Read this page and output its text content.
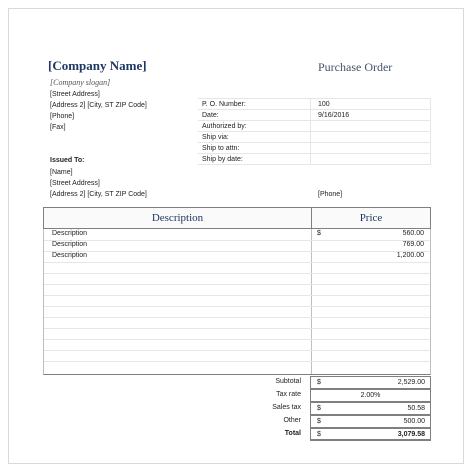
[Company Name]
[Company slogan]
Purchase Order
[Street Address]
[Address 2] [City, ST ZIP Code]
[Phone]
[Fax]
P. O. Number:	100
Date:	9/16/2016
Authorized by:
Ship via:
Ship to attn:
Ship by date:
Issued To:
[Name]
[Street Address]
[Address 2] [City, ST ZIP Code]	[Phone]
Description	Price
Description	$	560.00
Description	769.00
Description	1,200.00
Subtotal $	2,529.00
Tax rate	2.00%
Sales tax $	50.58
Other $	500.00
Total $	3,079.58
